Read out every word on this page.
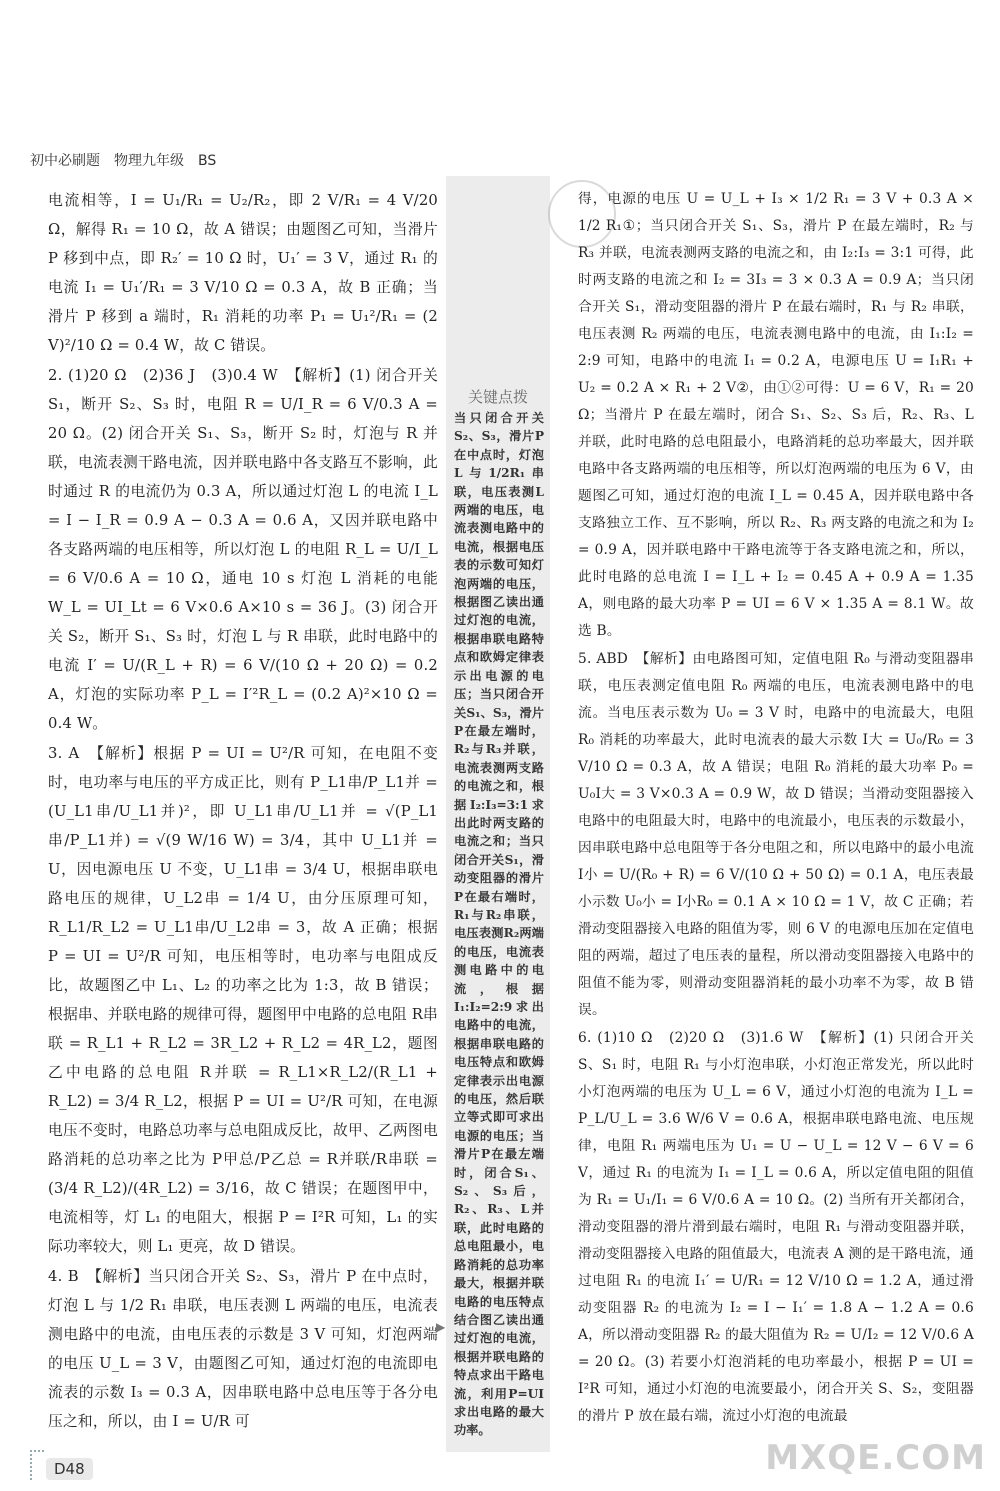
初中必刷题　物理九年级　BS

电流相等，I = U₁/R₁ = U₂/R₂，即 2 V/R₁ = 4 V/20 Ω，解得 R₁ = 10 Ω，故 A 错误；由题图乙可知，当滑片 P 移到中点，即 R₂′ = 10 Ω 时，U₁′ = 3 V，通过 R₁ 的电流 I₁ = U₁′/R₁ = 3 V/10 Ω = 0.3 A，故 B 正确；当滑片 P 移到 a 端时，R₁ 消耗的功率 P₁ = U₁²/R₁ = (2 V)²/10 Ω = 0.4 W，故 C 错误。

2. (1)20 Ω　(2)36 J　(3)0.4 W　【解析】(1) 闭合开关 S₁，断开 S₂、S₃ 时，电阻 R = U/I_R = 6 V/0.3 A = 20 Ω。(2) 闭合开关 S₁、S₃，断开 S₂ 时，灯泡与 R 并联，电流表测干路电流，因并联电路中各支路互不影响，此时通过 R 的电流仍为 0.3 A，所以通过灯泡 L 的电流 I_L = I − I_R = 0.9 A − 0.3 A = 0.6 A，又因并联电路中各支路两端的电压相等，所以灯泡 L 的电阻 R_L = U/I_L = 6 V/0.6 A = 10 Ω，通电 10 s 灯泡 L 消耗的电能 W_L = UI_Lt = 6 V×0.6 A×10 s = 36 J。(3) 闭合开关 S₂，断开 S₁、S₃ 时，灯泡 L 与 R 串联，此时电路中的电流 I′ = U/(R_L + R) = 6 V/(10 Ω + 20 Ω) = 0.2 A，灯泡的实际功率 P_L = I′²R_L = (0.2 A)²×10 Ω = 0.4 W。

3. A　【解析】根据 P = UI = U²/R 可知，在电阻不变时，电功率与电压的平方成正比，则有 P_L1串/P_L1并 = (U_L1串/U_L1并)²，即 U_L1串/U_L1并 = √(P_L1串/P_L1并) = √(9 W/16 W) = 3/4，其中 U_L1并 = U，因电源电压 U 不变，U_L1串 = 3/4 U，根据串联电路电压的规律，U_L2串 = 1/4 U，由分压原理可知，R_L1/R_L2 = U_L1串/U_L2串 = 3，故 A 正确；根据 P = UI = U²/R 可知，电压相等时，电功率与电阻成反比，故题图乙中 L₁、L₂ 的功率之比为 1:3，故 B 错误；根据串、并联电路的规律可得，题图甲中电路的总电阻 R串联 = R_L1 + R_L2 = 3R_L2 + R_L2 = 4R_L2，题图乙中电路的总电阻 R并联 = R_L1×R_L2/(R_L1 + R_L2) = 3/4 R_L2，根据 P = UI = U²/R 可知，在电源电压不变时，电路总功率与总电阻成反比，故甲、乙两图电路消耗的总功率之比为 P甲总/P乙总 = R并联/R串联 = (3/4 R_L2)/(4R_L2) = 3/16，故 C 错误；在题图甲中，电流相等，灯 L₁ 的电阻大，根据 P = I²R 可知，L₁ 的实际功率较大，则 L₁ 更亮，故 D 错误。

4. B　【解析】当只闭合开关 S₂、S₃，滑片 P 在中点时，灯泡 L 与 1/2 R₁ 串联，电压表测 L 两端的电压，电流表测电路中的电流，由电压表的示数是 3 V 可知，灯泡两端的电压 U_L = 3 V，由题图乙可知，通过灯泡的电流即电流表的示数 I₃ = 0.3 A，因串联电路中总电压等于各分电压之和，所以，由 I = U/R 可

关键点拨
当只闭合开关S₂、S₃，滑片P在中点时，灯泡L与1/2R₁串联，电压表测L两端的电压，电流表测电路中的电流，根据电压表的示数可知灯泡两端的电压，根据图乙读出通过灯泡的电流，根据串联电路特点和欧姆定律表示出电源的电压；当只闭合开关S₁、S₃，滑片P在最左端时，R₂与R₃并联，电流表测两支路的电流之和，根据I₂:I₃=3:1求出此时两支路的电流之和；当只闭合开关S₁，滑动变阻器的滑片P在最右端时，R₁与R₂串联，电压表测R₂两端的电压，电流表测电路中的电流，根据I₁:I₂=2:9求出电路中的电流，根据串联电路的电压特点和欧姆定律表示出电源的电压，然后联立等式即可求出电源的电压；当滑片P在最左端时，闭合S₁、S₂、S₃后，R₂、R₃、L并联，此时电路的总电阻最小，电路消耗的总功率最大，根据并联电路的电压特点结合图乙读出通过灯泡的电流，根据并联电路的特点求出干路电流，利用P=UI求出电路的最大功率。
▶

得，电源的电压 U = U_L + I₃ × 1/2 R₁ = 3 V + 0.3 A × 1/2 R₁①；当只闭合开关 S₁、S₃，滑片 P 在最左端时，R₂ 与 R₃ 并联，电流表测两支路的电流之和，由 I₂:I₃ = 3:1 可得，此时两支路的电流之和 I₂ = 3I₃ = 3 × 0.3 A = 0.9 A；当只闭合开关 S₁，滑动变阻器的滑片 P 在最右端时，R₁ 与 R₂ 串联，电压表测 R₂ 两端的电压，电流表测电路中的电流，由 I₁:I₂ = 2:9 可知，电路中的电流 I₁ = 0.2 A，电源电压 U = I₁R₁ + U₂ = 0.2 A × R₁ + 2 V②，由①②可得：U = 6 V，R₁ = 20 Ω；当滑片 P 在最左端时，闭合 S₁、S₂、S₃ 后，R₂、R₃、L 并联，此时电路的总电阻最小，电路消耗的总功率最大，因并联电路中各支路两端的电压相等，所以灯泡两端的电压为 6 V，由题图乙可知，通过灯泡的电流 I_L = 0.45 A，因并联电路中各支路独立工作、互不影响，所以 R₂、R₃ 两支路的电流之和为 I₂ = 0.9 A，因并联电路中干路电流等于各支路电流之和，所以，此时电路的总电流 I = I_L + I₂ = 0.45 A + 0.9 A = 1.35 A，则电路的最大功率 P = UI = 6 V × 1.35 A = 8.1 W。故选 B。

5. ABD　【解析】由电路图可知，定值电阻 R₀ 与滑动变阻器串联，电压表测定值电阻 R₀ 两端的电压，电流表测电路中的电流。当电压表示数为 U₀ = 3 V 时，电路中的电流最大，电阻 R₀ 消耗的功率最大，此时电流表的最大示数 I大 = U₀/R₀ = 3 V/10 Ω = 0.3 A，故 A 错误；电阻 R₀ 消耗的最大功率 P₀ = U₀I大 = 3 V×0.3 A = 0.9 W，故 D 错误；当滑动变阻器接入电路中的电阻最大时，电路中的电流最小，电压表的示数最小，因串联电路中总电阻等于各分电阻之和，所以电路中的最小电流 I小 = U/(R₀ + R) = 6 V/(10 Ω + 50 Ω) = 0.1 A，电压表最小示数 U₀小 = I小R₀ = 0.1 A × 10 Ω = 1 V，故 C 正确；若滑动变阻器接入电路的阻值为零，则 6 V 的电源电压加在定值电阻的两端，超过了电压表的量程，所以滑动变阻器接入电路中的阻值不能为零，则滑动变阻器消耗的最小功率不为零，故 B 错误。

6. (1)10 Ω　(2)20 Ω　(3)1.6 W　【解析】(1) 只闭合开关 S、S₁ 时，电阻 R₁ 与小灯泡串联，小灯泡正常发光，所以此时小灯泡两端的电压为 U_L = 6 V，通过小灯泡的电流为 I_L = P_L/U_L = 3.6 W/6 V = 0.6 A，根据串联电路电流、电压规律，电阻 R₁ 两端电压为 U₁ = U − U_L = 12 V − 6 V = 6 V，通过 R₁ 的电流为 I₁ = I_L = 0.6 A，所以定值电阻的阻值为 R₁ = U₁/I₁ = 6 V/0.6 A = 10 Ω。(2) 当所有开关都闭合，滑动变阻器的滑片滑到最右端时，电阻 R₁ 与滑动变阻器并联，滑动变阻器接入电路的阻值最大，电流表 A 测的是干路电流，通过电阻 R₁ 的电流 I₁′ = U/R₁ = 12 V/10 Ω = 1.2 A，通过滑动变阻器 R₂ 的电流为 I₂ = I − I₁′ = 1.8 A − 1.2 A = 0.6 A，所以滑动变阻器 R₂ 的最大阻值为 R₂ = U/I₂ = 12 V/0.6 A = 20 Ω。(3) 若要小灯泡消耗的电功率最小，根据 P = UI = I²R 可知，通过小灯泡的电流要最小，闭合开关 S、S₂，变阻器的滑片 P 放在最右端，流过小灯泡的电流最

D48	MXQE.COM
